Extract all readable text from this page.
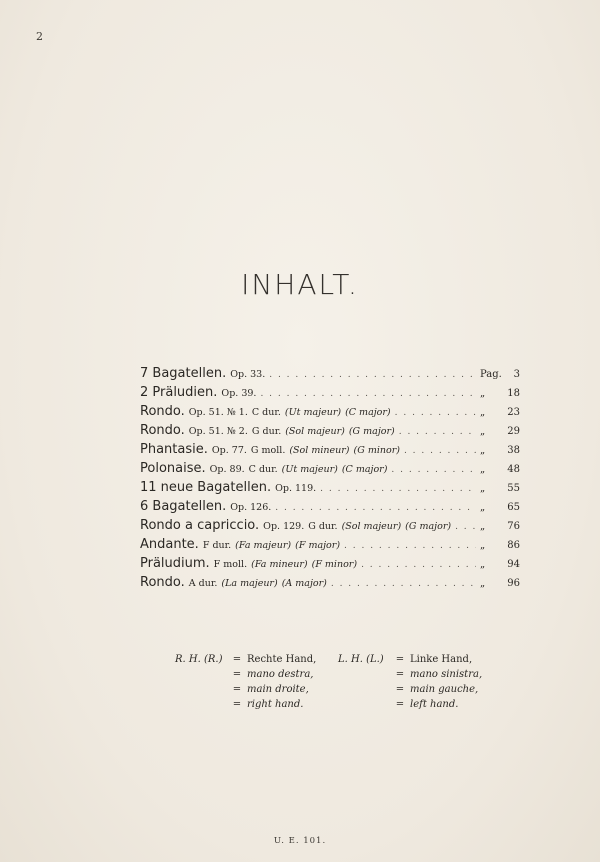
2
INHALT.
7 Bagatellen. Op. 33. . . .	Pag.	3
2 Präludien. Op. 39. . . .	„	18
Rondo. Op. 51. № 1. C dur. (Ut majeur) (C major) . . .	„	23
Rondo. Op. 51. № 2. G dur. (Sol majeur) (G major) . . .	„	29
Phantasie. Op. 77. G moll. (Sol mineur) (G minor) . . .	„	38
Polonaise. Op. 89. C dur. (Ut majeur) (C major) . . .	„	48
11 neue Bagatellen. Op. 119. . . .	„	55
6 Bagatellen. Op. 126. . . .	„	65
Rondo a capriccio. Op. 129. G dur. (Sol majeur) (G major) . . .	„	76
Andante. F dur. (Fa majeur) (F major) . . .	„	86
Präludium. F moll. (Fa mineur) (F minor) . . .	„	94
Rondo. A dur. (La majeur) (A major) . . .	„	96
R. H. (R.)	= Rechte Hand,
= mano destra,
= main droite,
= right hand.
L. H. (L.)	= Linke Hand,
= mano sinistra,
= main gauche,
= left hand.
U. E. 101.
